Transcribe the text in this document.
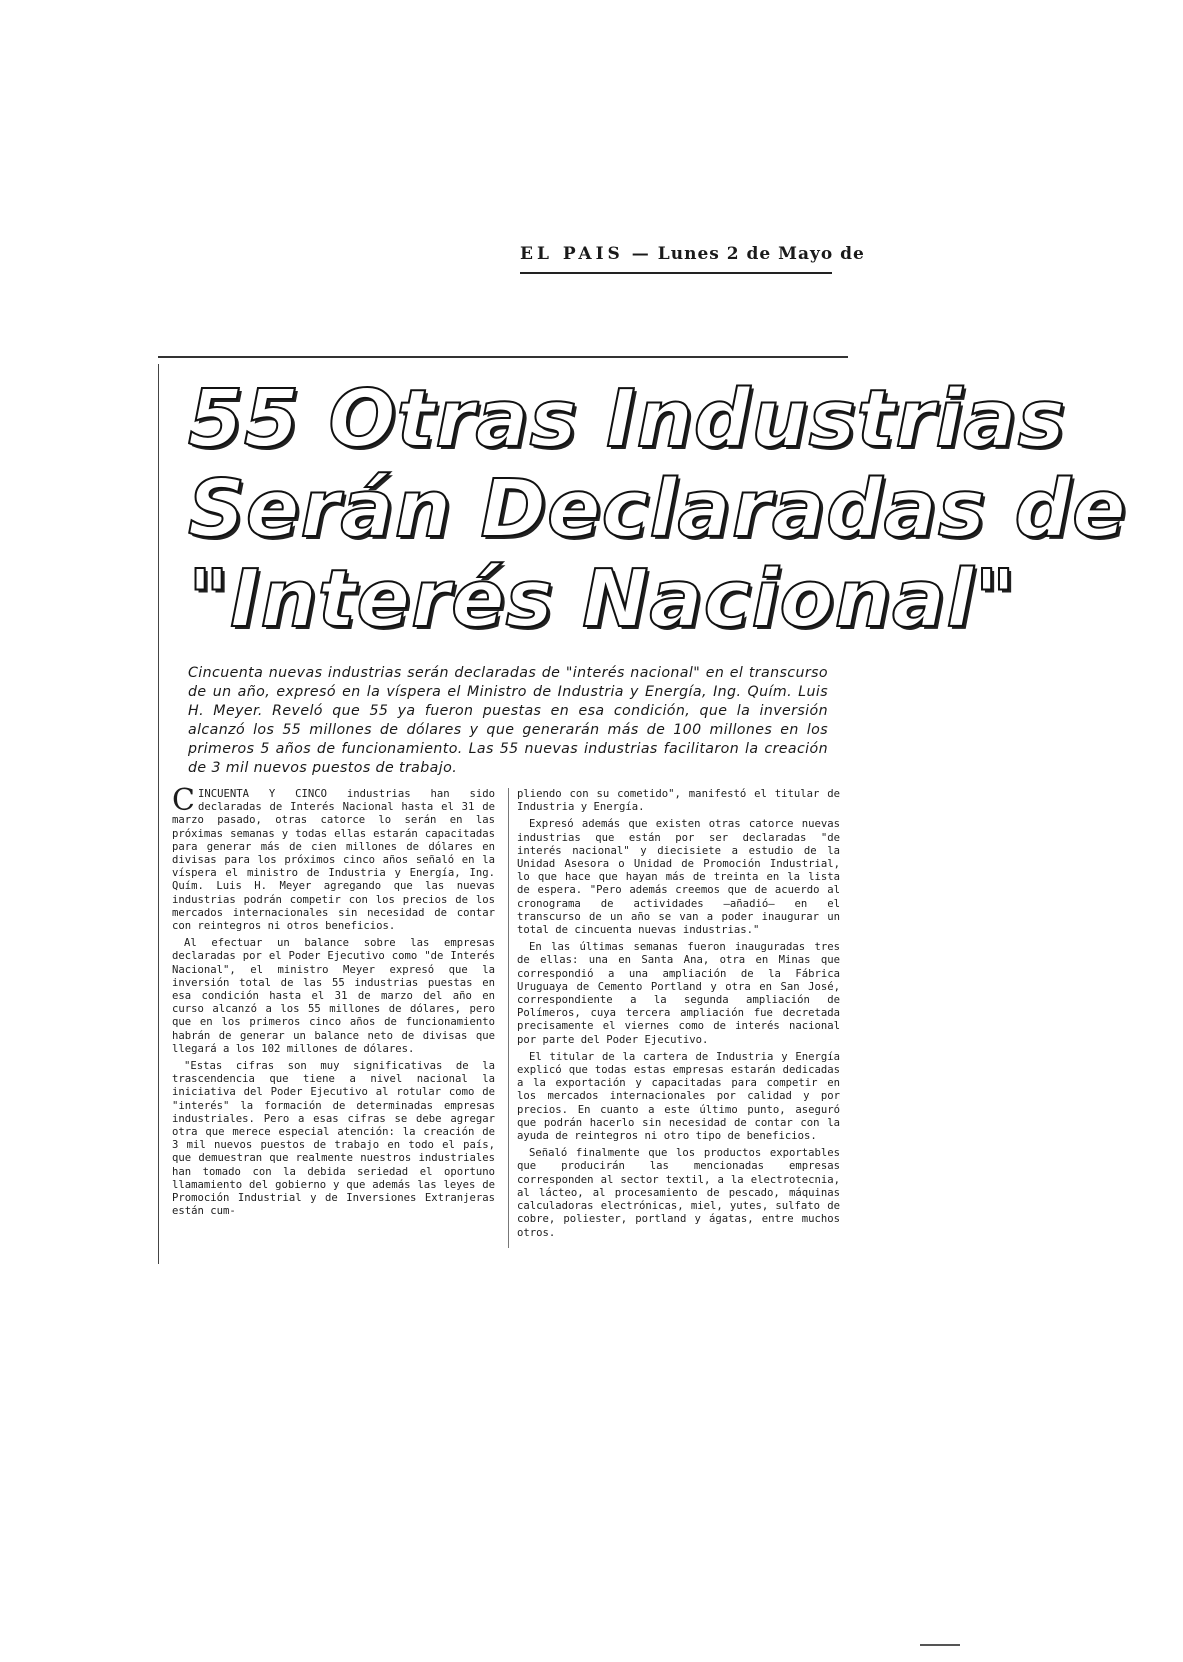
EL PAIS — Lunes 2 de Mayo de
55 Otras Industrias
Serán Declaradas de
"Interés Nacional"
Cincuenta nuevas industrias serán declaradas de "interés nacional" en el transcurso de un año, expresó en la víspera el Ministro de Industria y Energía, Ing. Quím. Luis H. Meyer. Reveló que 55 ya fueron puestas en esa condición, que la inversión alcanzó los 55 millones de dólares y que generarán más de 100 millones en los primeros 5 años de funcionamiento. Las 55 nuevas industrias facilitaron la creación de 3 mil nuevos puestos de trabajo.

CINCUENTA Y CINCO industrias han sido declaradas de Interés Nacional hasta el 31 de marzo pasado, otras catorce lo serán en las próximas semanas y todas ellas estarán capacitadas para generar más de cien millones de dólares en divisas para los próximos cinco años señaló en la víspera el ministro de Industria y Energía, Ing. Quím. Luis H. Meyer agregando que las nuevas industrias podrán competir con los precios de los mercados internacionales sin necesidad de contar con reintegros ni otros beneficios.

Al efectuar un balance sobre las empresas declaradas por el Poder Ejecutivo como "de Interés Nacional", el ministro Meyer expresó que la inversión total de las 55 industrias puestas en esa condición hasta el 31 de marzo del año en curso alcanzó a los 55 millones de dólares, pero que en los primeros cinco años de funcionamiento habrán de generar un balance neto de divisas que llegará a los 102 millones de dólares.

"Estas cifras son muy significativas de la trascendencia que tiene a nivel nacional la iniciativa del Poder Ejecutivo al rotular como de "interés" la formación de determinadas empresas industriales. Pero a esas cifras se debe agregar otra que merece especial atención: la creación de 3 mil nuevos puestos de trabajo en todo el país, que demuestran que realmente nuestros industriales han tomado con la debida seriedad el oportuno llamamiento del gobierno y que además las leyes de Promoción Industrial y de Inversiones Extranjeras están cum-

pliendo con su cometido", manifestó el titular de Industria y Energía.

Expresó además que existen otras catorce nuevas industrias que están por ser declaradas "de interés nacional" y diecisiete a estudio de la Unidad Asesora o Unidad de Promoción Industrial, lo que hace que hayan más de treinta en la lista de espera. "Pero además creemos que de acuerdo al cronograma de actividades —añadió— en el transcurso de un año se van a poder inaugurar un total de cincuenta nuevas industrias."

En las últimas semanas fueron inauguradas tres de ellas: una en Santa Ana, otra en Minas que correspondió a una ampliación de la Fábrica Uruguaya de Cemento Portland y otra en San José, correspondiente a la segunda ampliación de Polímeros, cuya tercera ampliación fue decretada precisamente el viernes como de interés nacional por parte del Poder Ejecutivo.

El titular de la cartera de Industria y Energía explicó que todas estas empresas estarán dedicadas a la exportación y capacitadas para competir en los mercados internacionales por calidad y por precios. En cuanto a este último punto, aseguró que podrán hacerlo sin necesidad de contar con la ayuda de reintegros ni otro tipo de beneficios.

Señaló finalmente que los productos exportables que producirán las mencionadas empresas corresponden al sector textil, a la electrotecnia, al lácteo, al procesamiento de pescado, máquinas calculadoras electrónicas, miel, yutes, sulfato de cobre, poliester, portland y ágatas, entre muchos otros.
